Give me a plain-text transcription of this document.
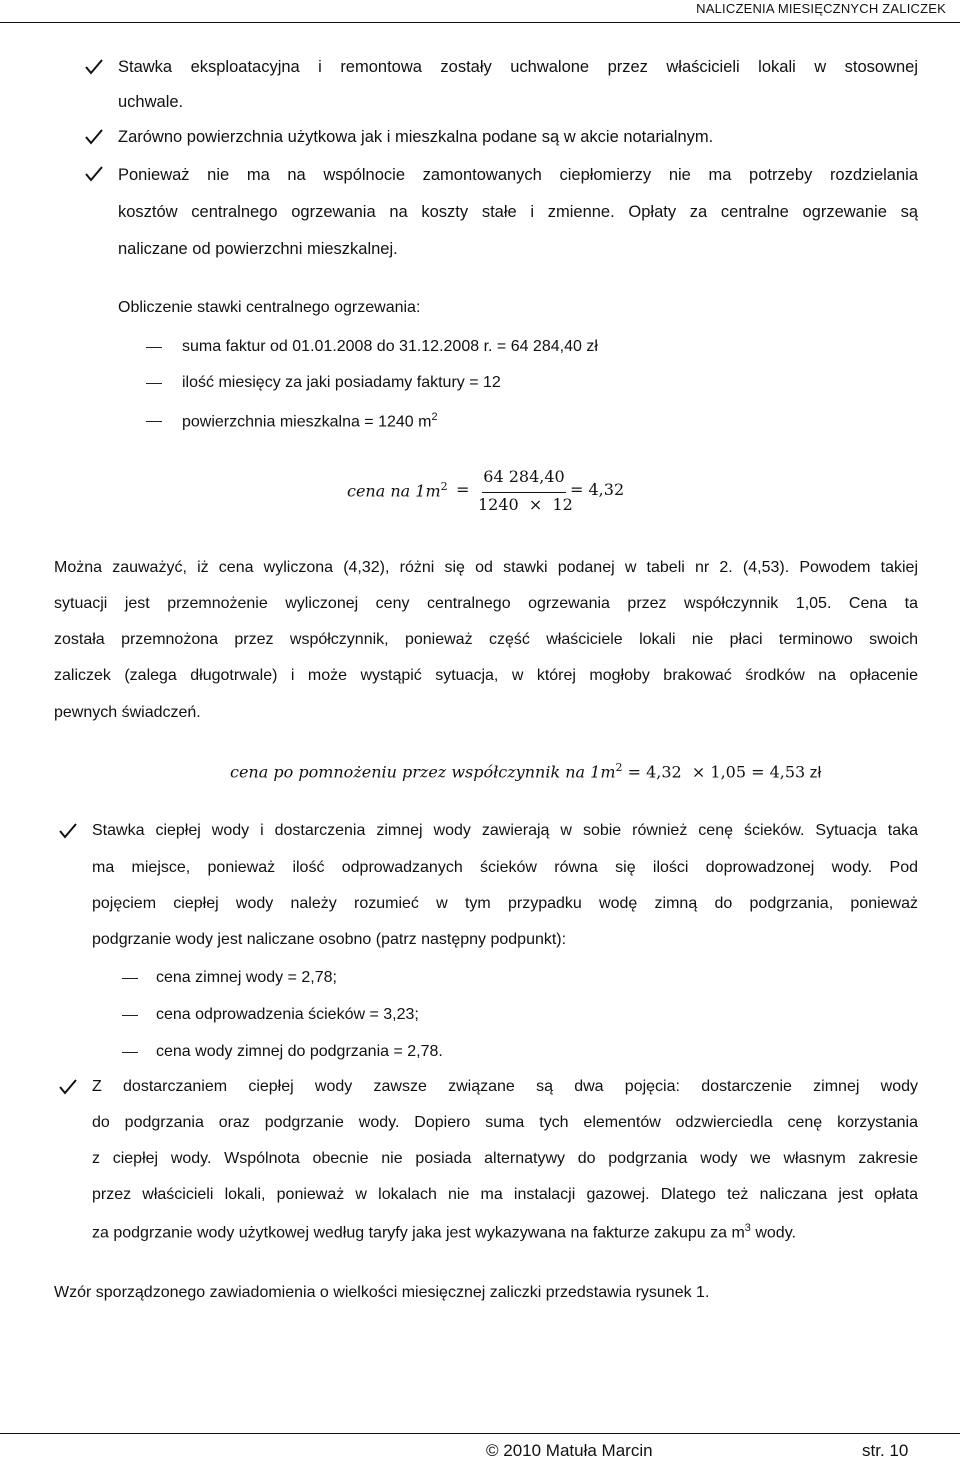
NALICZENIA MIESIĘCZNYCH ZALICZEK
Stawka eksploatacyjna i remontowa zostały uchwalone przez właścicieli lokali w stosownej
uchwale.
Zarówno powierzchnia użytkowa jak i mieszkalna podane są w akcie notarialnym.
Ponieważ nie ma na wspólnocie zamontowanych ciepłomierzy nie ma potrzeby rozdzielania
kosztów centralnego ogrzewania na koszty stałe i zmienne. Opłaty za centralne ogrzewanie są
naliczane od powierzchni mieszkalnej.
Obliczenie stawki centralnego ogrzewania:
suma faktur od 01.01.2008 do 31.12.2008 r. = 64 284,40 zł
ilość miesięcy za jaki posiadamy faktury = 12
powierzchnia mieszkalna = 1240 $m^2$
cena na $1m^2$ =
64 284,40
1240  ×  12
= 4,32
Można zauważyć, iż cena wyliczona (4,32), różni się od stawki podanej w tabeli nr 2. (4,53). Powodem takiej
sytuacji jest przemnożenie wyliczonej ceny centralnego ogrzewania przez współczynnik 1,05. Cena ta
została przemnożona przez współczynnik, ponieważ część właściciele lokali nie płaci terminowo swoich
zaliczek (zalega długotrwale) i może wystąpić sytuacja, w której mogłoby brakować środków na opłacenie
pewnych świadczeń.
cena po pomnożeniu przez współczynnik na $1m^2 = 4,32 \times 1,05 = 4,53$ zł
Stawka ciepłej wody i dostarczenia zimnej wody zawierają w sobie również cenę ścieków. Sytuacja taka
ma miejsce, ponieważ ilość odprowadzanych ścieków równa się ilości doprowadzonej wody. Pod
pojęciem ciepłej wody należy rozumieć w tym przypadku wodę zimną do podgrzania, ponieważ
podgrzanie wody jest naliczane osobno (patrz następny podpunkt):
cena zimnej wody = 2,78;
cena odprowadzenia ścieków = 3,23;
cena wody zimnej do podgrzania = 2,78.
Z dostarczaniem ciepłej wody zawsze związane są dwa pojęcia: dostarczenie zimnej wody
do podgrzania oraz podgrzanie wody. Dopiero suma tych elementów odzwierciedla cenę korzystania
z ciepłej wody. Wspólnota obecnie nie posiada alternatywy do podgrzania wody we własnym zakresie
przez właścicieli lokali, ponieważ w lokalach nie ma instalacji gazowej. Dlatego też naliczana jest opłata
za podgrzanie wody użytkowej według taryfy jaka jest wykazywana na fakturze zakupu za $m^3$ wody.
Wzór sporządzonego zawiadomienia o wielkości miesięcznej zaliczki przedstawia rysunek 1.
© 2010 Matuła Marcin	str. 10
